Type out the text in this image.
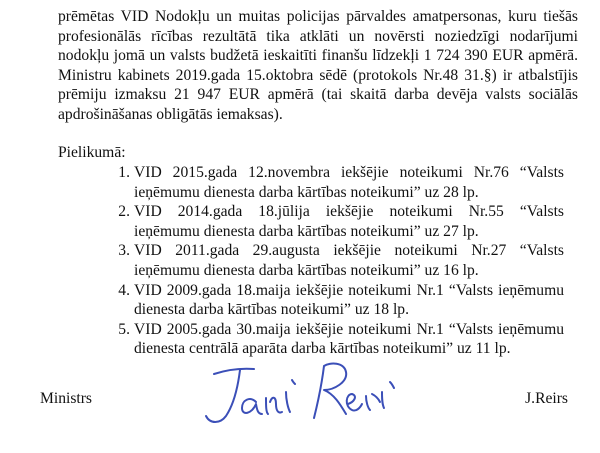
prēmētas VID Nodokļu un muitas policijas pārvaldes amatpersonas, kuru tiešās
profesionālās rīcības rezultātā tika atklāti un novērsti noziedzīgi nodarījumi
nodokļu jomā un valsts budžetā ieskaitīti finanšu līdzekļi 1 724 390 EUR apmērā.
Ministru kabinets 2019.gada 15.oktobra sēdē (protokols Nr.48 31.§) ir atbalstījis
prēmiju izmaksu 21 947 EUR apmērā (tai skaitā darba devēja valsts sociālās
apdrošināšanas obligātās iemaksas).
Pielikumā:
1. VID 2015.gada 12.novembra iekšējie noteikumi Nr.76 “Valsts
ieņēmumu dienesta darba kārtības noteikumi” uz 28 lp.
2. VID 2014.gada 18.jūlija iekšējie noteikumi Nr.55 “Valsts
ieņēmumu dienesta darba kārtības noteikumi” uz 27 lp.
3. VID 2011.gada 29.augusta iekšējie noteikumi Nr.27 “Valsts
ieņēmumu dienesta darba kārtības noteikumi” uz 16 lp.
4. VID 2009.gada 18.maija iekšējie noteikumi Nr.1 “Valsts ieņēmumu
dienesta darba kārtības noteikumi” uz 18 lp.
5. VID 2005.gada 30.maija iekšējie noteikumi Nr.1 “Valsts ieņēmumu
dienesta centrālā aparāta darba kārtības noteikumi” uz 11 lp.
Ministrs	J.Reirs
